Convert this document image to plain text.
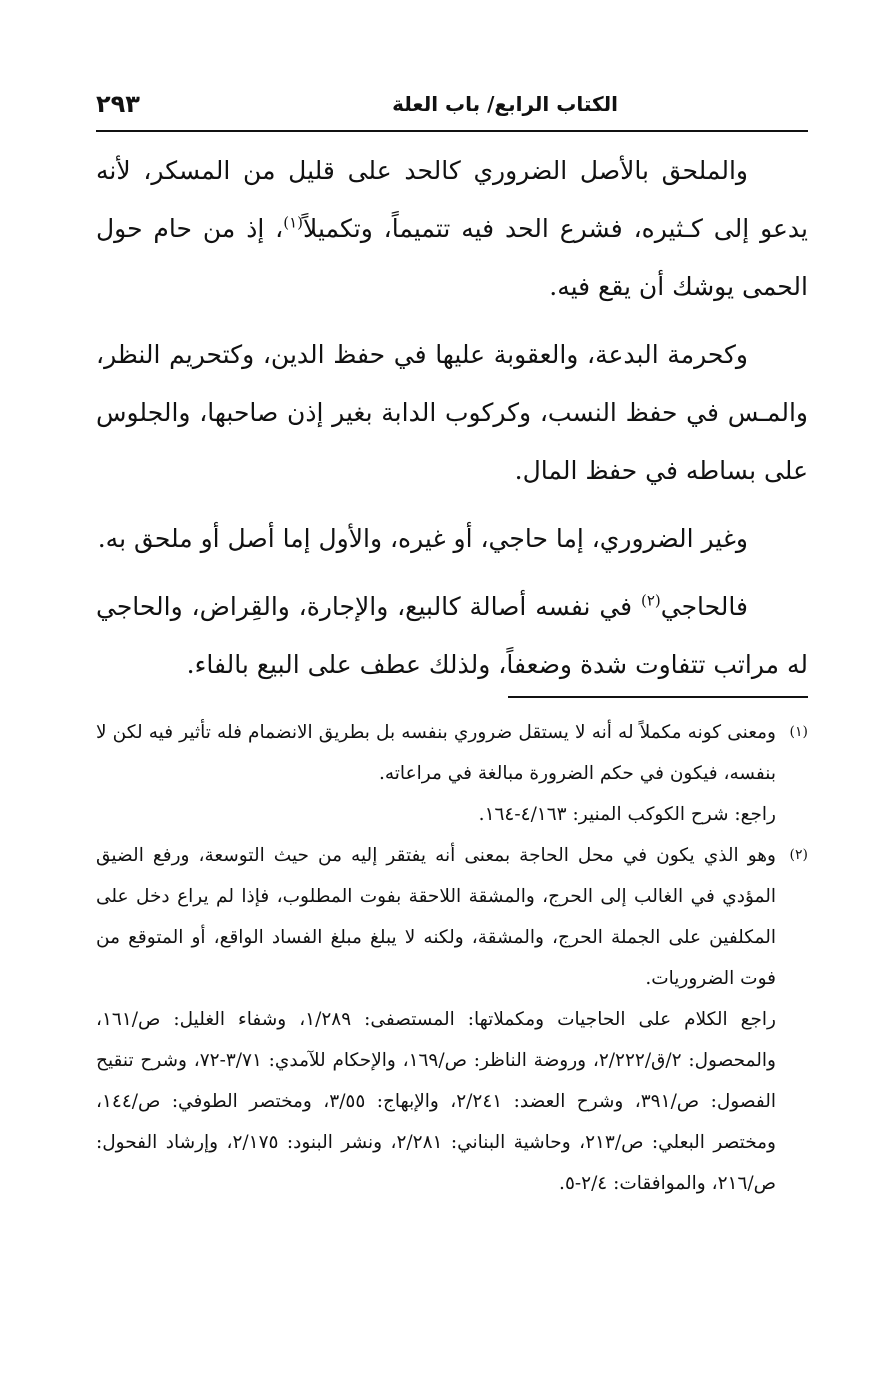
الكتاب الرابع/ باب العلة
٢٩٣

والملحق بالأصل الضروري كالحد على قليل من المسكر، لأنه يدعو إلى كـثيره، فشرع الحد فيه تتميماً، وتكميلاً$^{(١)}$، إذ من حام حول الحمى يوشك أن يقع فيه.

وكحرمة البدعة، والعقوبة عليها في حفظ الدين، وكتحريم النظر، والمـس في حفظ النسب، وكركوب الدابة بغير إذن صاحبها، والجلوس على بساطه في حفظ المال.

وغير الضروري، إما حاجي، أو غيره، والأول إما أصل أو ملحق به.

فالحاجي$^{(٢)}$ في نفسه أصالة كالبيع، والإجارة، والقِراض، والحاجي له مراتب تتفاوت شدة وضعفاً، ولذلك عطف على البيع بالفاء.

(١)

ومعنى كونه مكملاً له أنه لا يستقل ضروري بنفسه بل بطريق الانضمام فله تأثير فيه لكن لا بنفسه، فيكون في حكم الضرورة مبالغة في مراعاته.

راجع: شرح الكوكب المنير: ٤/١٦٣-١٦٤.

(٢)

وهو الذي يكون في محل الحاجة بمعنى أنه يفتقر إليه من حيث التوسعة، ورفع الضيق المؤدي في الغالب إلى الحرج، والمشقة اللاحقة بفوت المطلوب، فإذا لم يراع دخل على المكلفين على الجملة الحرج، والمشقة، ولكنه لا يبلغ مبلغ الفساد الواقع، أو المتوقع من فوت الضروريات.

راجع الكلام على الحاجيات ومكملاتها: المستصفى: ١/٢٨٩، وشفاء الغليل: ص/١٦١، والمحصول: ٢/ق/٢/٢٢٢، وروضة الناظر: ص/١٦٩، والإحكام للآمدي: ٣/٧١-٧٢، وشرح تنقيح الفصول: ص/٣٩١، وشرح العضد: ٢/٢٤١، والإبهاج: ٣/٥٥، ومختصر الطوفي: ص/١٤٤، ومختصر البعلي: ص/٢١٣، وحاشية البناني: ٢/٢٨١، ونشر البنود: ٢/١٧٥، وإرشاد الفحول: ص/٢١٦، والموافقات: ٢/٤-٥.
